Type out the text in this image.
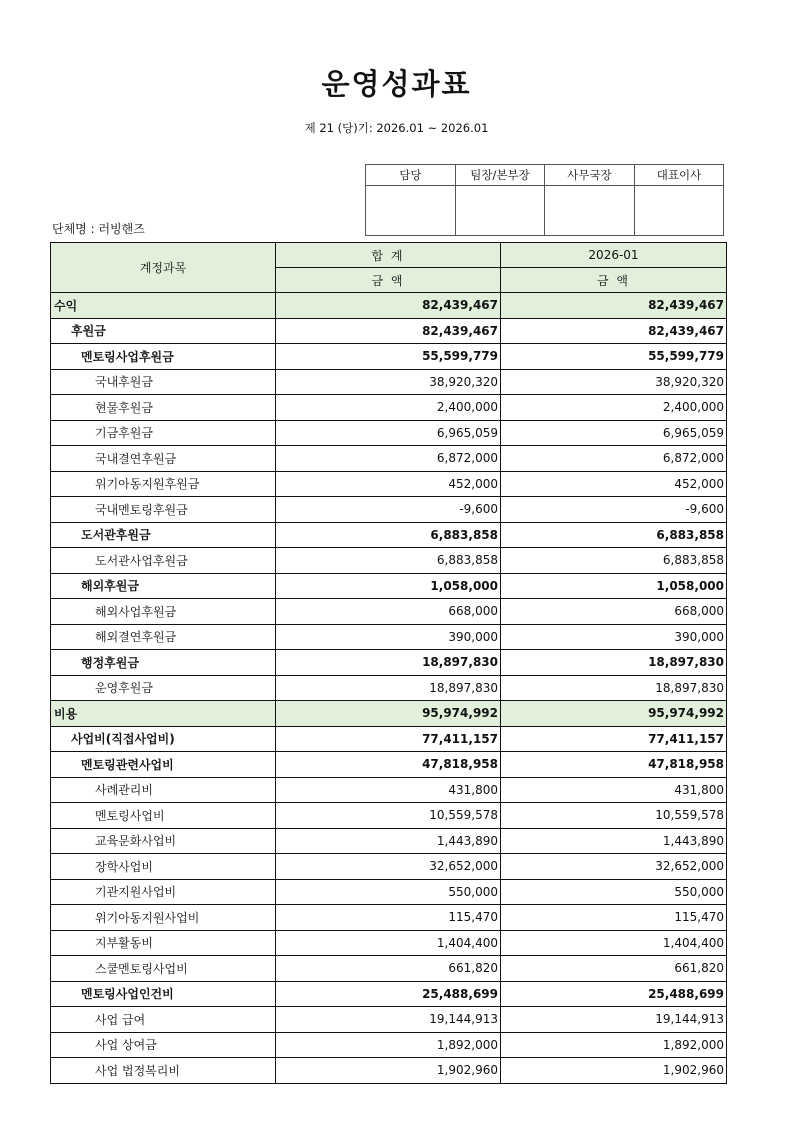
운영성과표
제 21 (당)기: 2026.01 ~ 2026.01
담당	팀장/본부장	사무국장	대표이사

단체명 : 러빙핸즈
계정과목	합 계	2026-01
	금 액	금 액
수익	82,439,467	82,439,467
후원금	82,439,467	82,439,467
멘토링사업후원금	55,599,779	55,599,779
국내후원금	38,920,320	38,920,320
현물후원금	2,400,000	2,400,000
기금후원금	6,965,059	6,965,059
국내결연후원금	6,872,000	6,872,000
위기아동지원후원금	452,000	452,000
국내멘토링후원금	-9,600	-9,600
도서관후원금	6,883,858	6,883,858
도서관사업후원금	6,883,858	6,883,858
해외후원금	1,058,000	1,058,000
해외사업후원금	668,000	668,000
해외결연후원금	390,000	390,000
행정후원금	18,897,830	18,897,830
운영후원금	18,897,830	18,897,830
비용	95,974,992	95,974,992
사업비(직접사업비)	77,411,157	77,411,157
멘토링관련사업비	47,818,958	47,818,958
사례관리비	431,800	431,800
멘토링사업비	10,559,578	10,559,578
교육문화사업비	1,443,890	1,443,890
장학사업비	32,652,000	32,652,000
기관지원사업비	550,000	550,000
위기아동지원사업비	115,470	115,470
지부활동비	1,404,400	1,404,400
스쿨멘토링사업비	661,820	661,820
멘토링사업인건비	25,488,699	25,488,699
사업 급여	19,144,913	19,144,913
사업 상여금	1,892,000	1,892,000
사업 법정복리비	1,902,960	1,902,960
